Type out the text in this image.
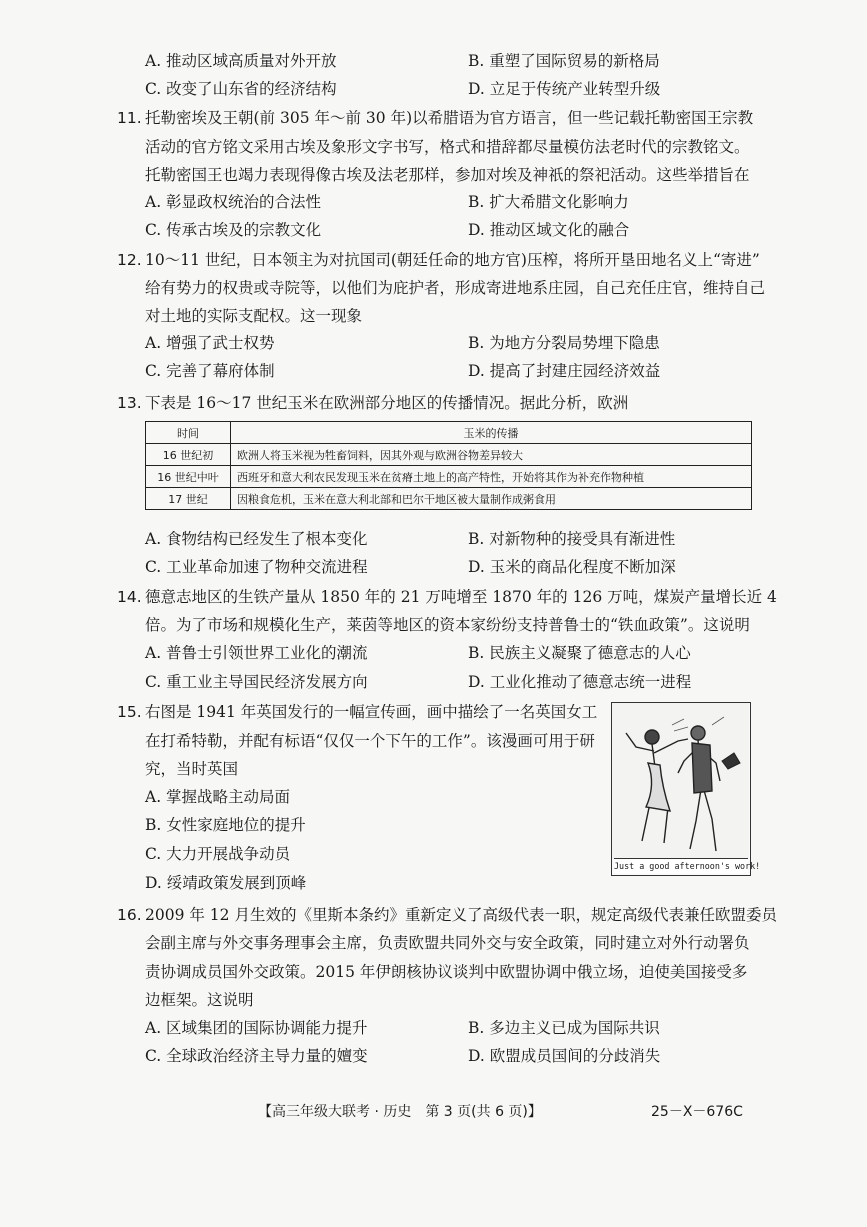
A. 推动区域高质量对外开放	B. 重塑了国际贸易的新格局
C. 改变了山东省的经济结构	D. 立足于传统产业转型升级
11. 托勒密埃及王朝(前 305 年～前 30 年)以希腊语为官方语言，但一些记载托勒密国王宗教
活动的官方铭文采用古埃及象形文字书写，格式和措辞都尽量模仿法老时代的宗教铭文。
托勒密国王也竭力表现得像古埃及法老那样，参加对埃及神祇的祭祀活动。这些举措旨在
A. 彰显政权统治的合法性	B. 扩大希腊文化影响力
C. 传承古埃及的宗教文化	D. 推动区域文化的融合
12. 10～11 世纪，日本领主为对抗国司(朝廷任命的地方官)压榨，将所开垦田地名义上“寄进”
给有势力的权贵或寺院等，以他们为庇护者，形成寄进地系庄园，自己充任庄官，维持自己
对土地的实际支配权。这一现象
A. 增强了武士权势	B. 为地方分裂局势埋下隐患
C. 完善了幕府体制	D. 提高了封建庄园经济效益
13. 下表是 16～17 世纪玉米在欧洲部分地区的传播情况。据此分析，欧洲
时间	玉米的传播
16 世纪初	欧洲人将玉米视为牲畜饲料，因其外观与欧洲谷物差异较大
16 世纪中叶	西班牙和意大利农民发现玉米在贫瘠土地上的高产特性，开始将其作为补充作物种植
17 世纪	因粮食危机，玉米在意大利北部和巴尔干地区被大量制作成粥食用
A. 食物结构已经发生了根本变化	B. 对新物种的接受具有渐进性
C. 工业革命加速了物种交流进程	D. 玉米的商品化程度不断加深
14. 德意志地区的生铁产量从 1850 年的 21 万吨增至 1870 年的 126 万吨，煤炭产量增长近 4
倍。为了市场和规模化生产，莱茵等地区的资本家纷纷支持普鲁士的“铁血政策”。这说明
A. 普鲁士引领世界工业化的潮流	B. 民族主义凝聚了德意志的人心
C. 重工业主导国民经济发展方向	D. 工业化推动了德意志统一进程
15. 右图是 1941 年英国发行的一幅宣传画，画中描绘了一名英国女工
在打希特勒，并配有标语“仅仅一个下午的工作”。该漫画可用于研
究，当时英国
A. 掌握战略主动局面
B. 女性家庭地位的提升
C. 大力开展战争动员
D. 绥靖政策发展到顶峰
Just a good afternoon's work!
16. 2009 年 12 月生效的《里斯本条约》重新定义了高级代表一职，规定高级代表兼任欧盟委员
会副主席与外交事务理事会主席，负责欧盟共同外交与安全政策，同时建立对外行动署负
责协调成员国外交政策。2015 年伊朗核协议谈判中欧盟协调中俄立场，迫使美国接受多
边框架。这说明
A. 区域集团的国际协调能力提升	B. 多边主义已成为国际共识
C. 全球政治经济主导力量的嬗变	D. 欧盟成员国间的分歧消失
【高三年级大联考 · 历史　第 3 页(共 6 页)】	25－X－676C
